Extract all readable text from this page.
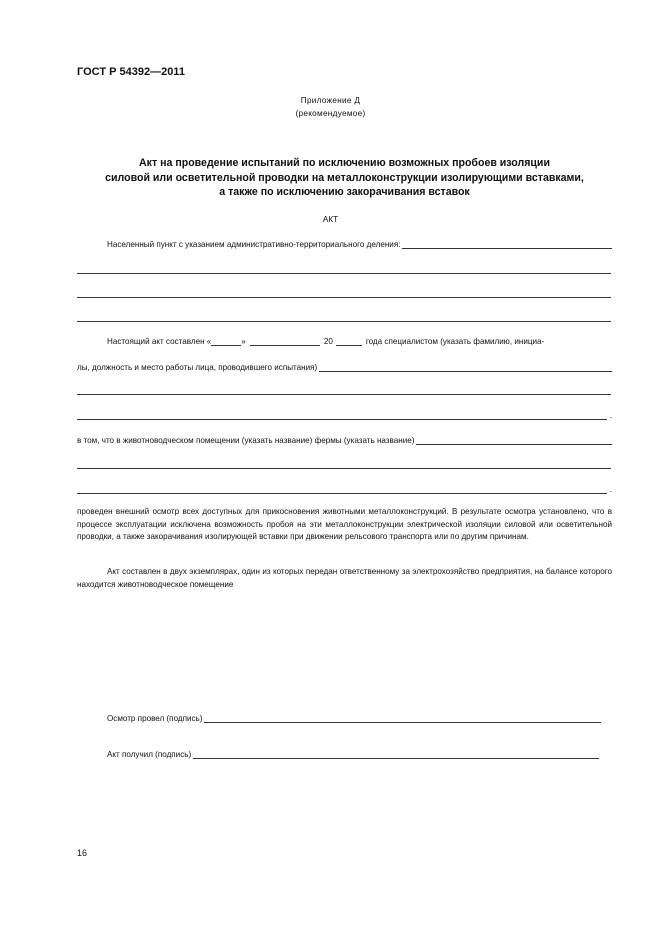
ГОСТ Р 54392—2011
Приложение Д
(рекомендуемое)
Акт на проведение испытаний по исключению возможных пробоев изоляции
силовой или осветительной проводки на металлоконструкции изолирующими вставками,
а также по исключению закорачивания вставок
АКТ
Населенный пункт с указанием административно-территориального деления:
Настоящий акт составлен «	»	20	года специалистом (указать фамилию, инициа-
лы, должность и место работы лица, проводившего испытания)
.
в том, что в животноводческом помещении (указать название) фермы (указать название)
.
проведен внешний осмотр всех доступных для прикосновения животными металлоконструкций. В результате осмотра установлено, что в процессе эксплуатации исключена возможность пробоя на эти металлоконструкции электрической изоляции силовой или осветительной проводки, а также закорачивания изолирующей вставки при движении рельсового транспорта или по другим причинам.
Акт составлен в двух экземплярах, один из которых передан ответственному за электрохозяйство предприятия, на балансе которого находится животноводческое помещение
Осмотр провел (подпись)
Акт получил (подпись)
16
